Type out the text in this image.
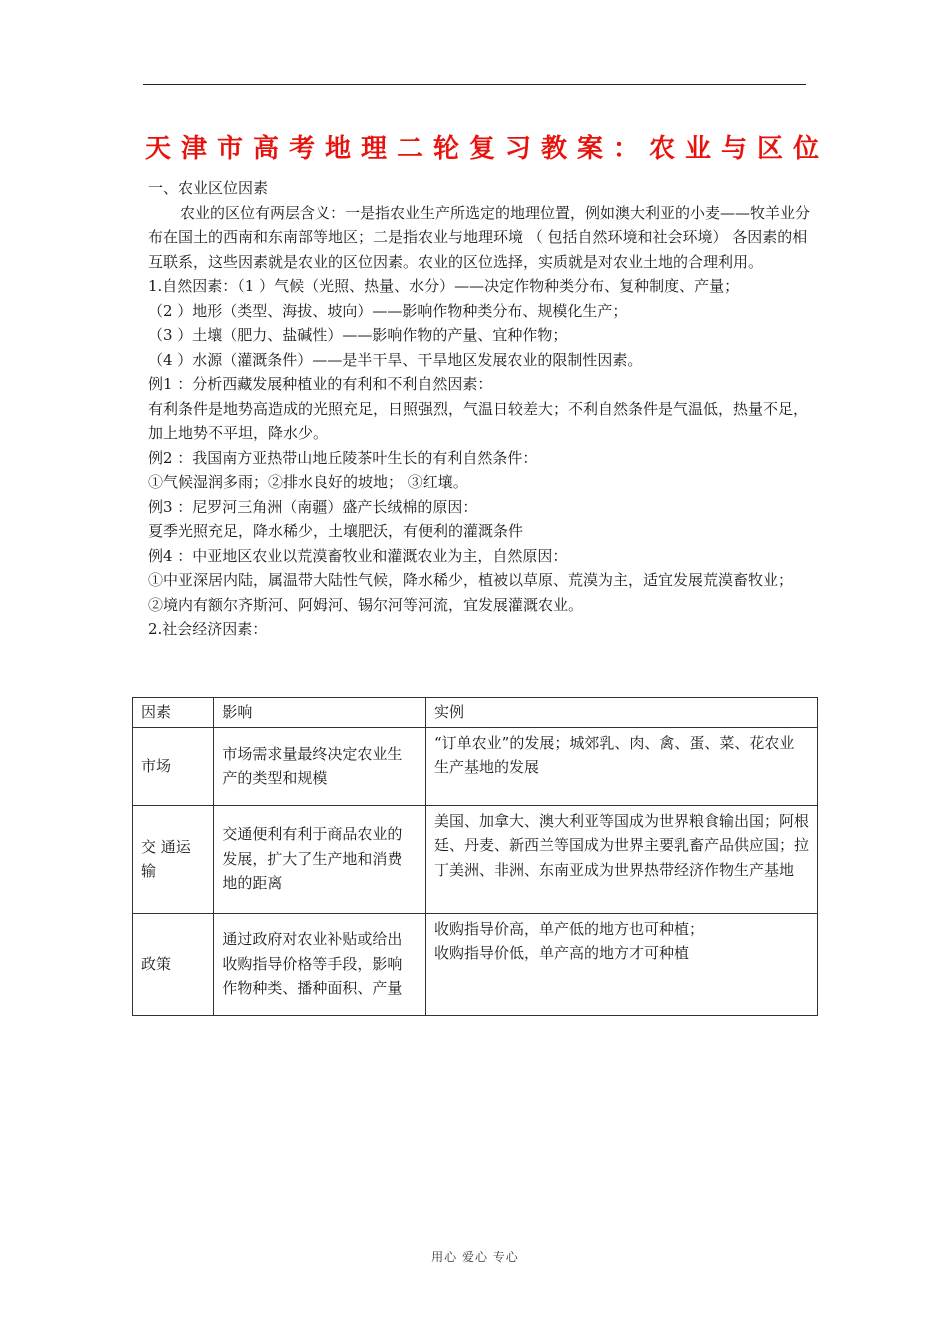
天津市高考地理二轮复习教案：农业与区位

一、农业区位因素

农业的区位有两层含义：一是指农业生产所选定的地理位置，例如澳大利亚的小麦——牧羊业分布在国土的西南和东南部等地区；二是指农业与地理环境 （ 包括自然环境和社会环境） 各因素的相互联系，这些因素就是农业的区位因素。农业的区位选择，实质就是对农业土地的合理利用。

1.自然因素：（1 ）气候（光照、热量、水分）——决定作物种类分布、复种制度、产量；

（2 ）地形（类型、海拔、坡向）——影响作物种类分布、规模化生产；

（3 ）土壤（肥力、盐碱性）——影响作物的产量、宜种作物；

（4 ）水源（灌溉条件）——是半干旱、干旱地区发展农业的限制性因素。

例1 ：分析西藏发展种植业的有利和不利自然因素：

有利条件是地势高造成的光照充足，日照强烈，气温日较差大；不利自然条件是气温低，热量不足，加上地势不平坦，降水少。

例2 ：我国南方亚热带山地丘陵茶叶生长的有利自然条件：

①气候湿润多雨；②排水良好的坡地； ③红壤。

例3 ：尼罗河三角洲（南疆）盛产长绒棉的原因：

夏季光照充足，降水稀少，土壤肥沃，有便利的灌溉条件

例4 ：中亚地区农业以荒漠畜牧业和灌溉农业为主，自然原因：

①中亚深居内陆，属温带大陆性气候，降水稀少，植被以草原、荒漠为主，适宜发展荒漠畜牧业；

②境内有额尔齐斯河、阿姆河、锡尔河等河流，宜发展灌溉农业。

2.社会经济因素：

因素	影响	实例
市场	市场需求量最终决定农业生产的类型和规模	“订单农业”的发展；城郊乳、肉、禽、蛋、菜、花农业生产基地的发展
交 通运输	交通便利有利于商品农业的发展，扩大了生产地和消费地的距离	美国、加拿大、澳大利亚等国成为世界粮食输出国；阿根廷、丹麦、新西兰等国成为世界主要乳畜产品供应国；拉丁美洲、非洲、东南亚成为世界热带经济作物生产基地
政策	通过政府对农业补贴或给出收购指导价格等手段，影响作物种类、播种面积、产量	收购指导价高，单产低的地方也可种植；
收购指导价低，单产高的地方才可种植
用心 爱心 专心
